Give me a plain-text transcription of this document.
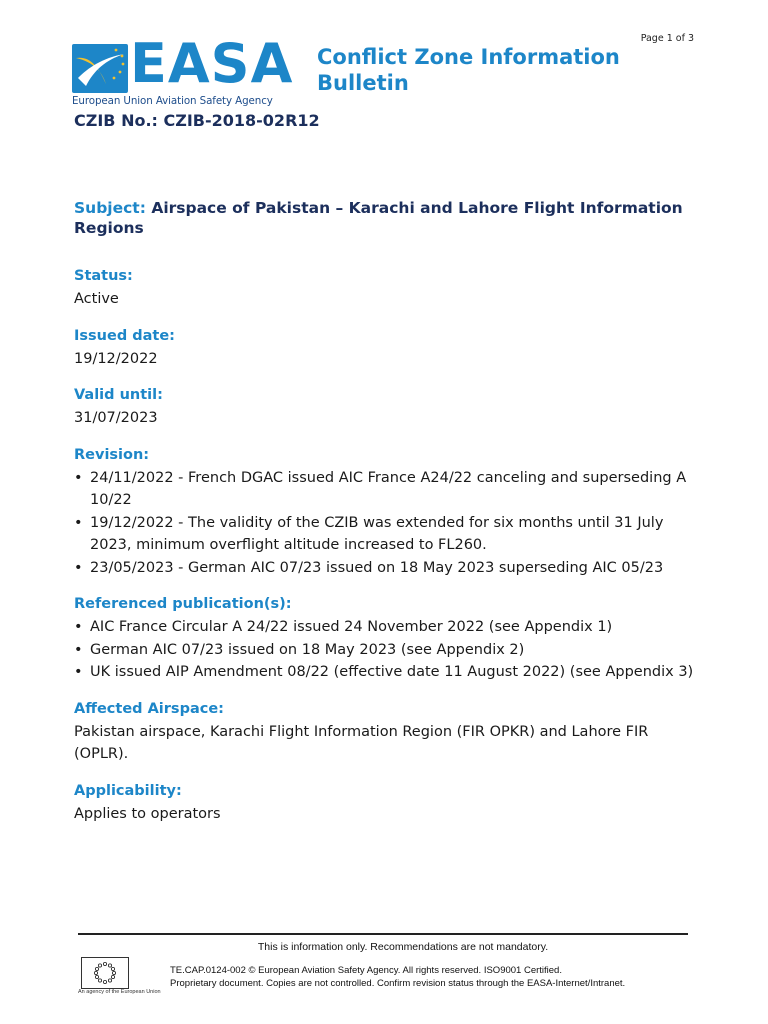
Page 1 of 3
EASA
European Union Aviation Safety Agency
Conflict Zone Information Bulletin
CZIB No.: CZIB-2018-02R12

Subject: Airspace of Pakistan – Karachi and Lahore Flight Information Regions

Status:

Active

Issued date:

19/12/2022

Valid until:

31/07/2023

Revision:

• 24/11/2022 - French DGAC issued AIC France A24/22 canceling and superseding A 10/22
• 19/12/2022 - The validity of the CZIB was extended for six months until 31 July 2023, minimum overflight altitude increased to FL260.
• 23/05/2023 - German AIC 07/23 issued on 18 May 2023 superseding AIC 05/23

Referenced publication(s):

• AIC France Circular A 24/22 issued 24 November 2022 (see Appendix 1)
• German AIC 07/23 issued on 18 May 2023 (see Appendix 2)
• UK issued AIP Amendment 08/22 (effective date 11 August 2022) (see Appendix 3)

Affected Airspace:

Pakistan airspace, Karachi Flight Information Region (FIR OPKR) and Lahore FIR (OPLR).

Applicability:

Applies to operators

This is information only. Recommendations are not mandatory.
An agency of the European Union
TE.CAP.0124-002 © European Aviation Safety Agency. All rights reserved. ISO9001 Certified.
Proprietary document. Copies are not controlled. Confirm revision status through the EASA-Internet/Intranet.
